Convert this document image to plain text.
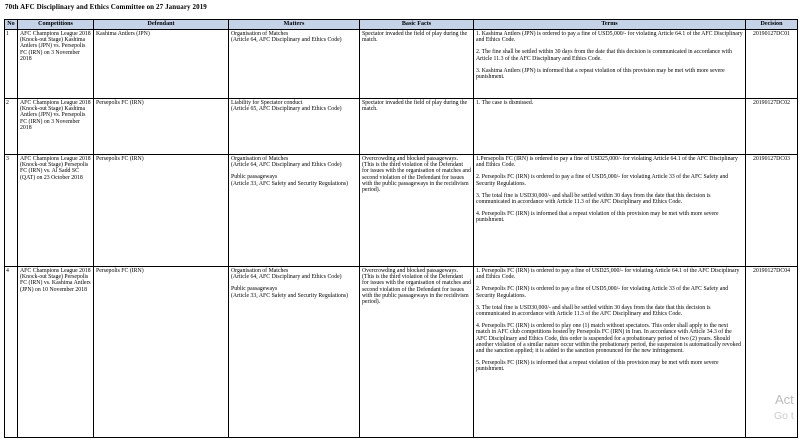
70th AFC Disciplinary and Ethics Committee on 27 January 2019
No	Competitions	Defendant	Matters	Basic Facts	Terms	Decision
1	AFC Champions League 2018 (Knock-out Stage) Kashima Antlers (JPN) vs. Persepolis FC (IRN) on 3 November 2018	Kashima Antlers (JPN)	Organisation of Matches
(Article 64, AFC Disciplinary and Ethics Code)
	Spectator invaded the field of play during the match.	

1. Kashima Antlers (JPN) is ordered to pay a fine of USD5,000/- for violating Article 64.1 of the AFC Disciplinary and Ethics Code.

2. The fine shall be settled within 30 days from the date that this decision is communicated in accordance with Article 11.3 of the AFC Disciplinary and Ethics Code.

3. Kashima Antlers (JPN) is informed that a repeat violation of this provision may be met with more severe punishment.

	20190127DC01
2	AFC Champions League 2018 (Knock-out Stage) Kashima Antlers (JPN) vs. Persepolis FC (IRN) on 3 November 2018	Persepolis FC (IRN)	Liability for Spectator conduct
(Article 65, AFC Disciplinary and Ethics Code)	Spectator invaded the field of play during the match.	1. The case is dismissed.	20190127DC02
3	AFC Champions League 2018 (Knock-out Stage) Persepolis FC (IRN) vs. Al Sadd SC (QAT) on 23 October 2018	Persepolis FC (IRN)	Organisation of Matches
(Article 64, AFC Disciplinary and Ethics Code)
Public passageways
(Article 33, AFC Safety and Security Regulations)
	Overcrowding and blocked passageways. (This is the third violation of the Defendant for issues with the organisation of matches and second violation of the Defendant for issues with the public passageways in the recidivism period).	

1.Persepolis FC (IRN) is ordered to pay a fine of USD25,000/- for violating Article 64.1 of the AFC Disciplinary and Ethics Code.

2. Persepolis FC (IRN) is ordered to pay a fine of USD5,000/- for violating Article 33 of the AFC Safety and Security Regulations.

3. The total fine is USD30,000/- and shall be settled within 30 days from the date that this decision is communicated in accordance with Article 11.3 of the AFC Disciplinary and Ethics Code.

4. Persepolis FC (IRN) is informed that a repeat violation of this provision may be met with more severe punishment.

	20190127DC03
4	AFC Champions League 2018 (Knock-out Stage) Persepolis FC (IRN) vs. Kashima Antlers (JPN) on 10 November 2018	Persepolis FC (IRN)	Organisation of Matches
(Article 64, AFC Disciplinary and Ethics Code)
Public passageways
(Article 33, AFC Safety and Security Regulations)
	Overcrowding and blocked passageways. (This is the third violation of the Defendant for issues with the organisation of matches and second violation of the Defendant for issues with the public passageways in the recidivism period).	

1. Persepolis FC (IRN) is ordered to pay a fine of USD25,000/- for violating Article 64.1 of the AFC Disciplinary and Ethics Code.

2. Persepolis FC (IRN) is ordered to pay a fine of USD5,000/- for violating Article 33 of the AFC Safety and Security Regulations.

3. The total fine is USD30,000/- and shall be settled within 30 days from the date that this decision is communicated in accordance with Article 11.3 of the AFC Disciplinary and Ethics Code.

4. Persepolis FC (IRN) is ordered to play one (1) match without spectators. This order shall apply to the next match in AFC club competitions hosted by Persepolis FC (IRN) in Iran. In accordance with Article 34.3 of the AFC Disciplinary and Ethics Code, this order is suspended for a probationary period of two (2) years. Should another violation of a similar nature occur within the probationary period, the suspension is automatically revoked and the sanction applied; it is added to the sanction pronounced for the new infringement.

5. Persepolis FC (IRN) is informed that a repeat violation of this provision may be met with more severe punishment.

	20190127DC04
Act
Go t
